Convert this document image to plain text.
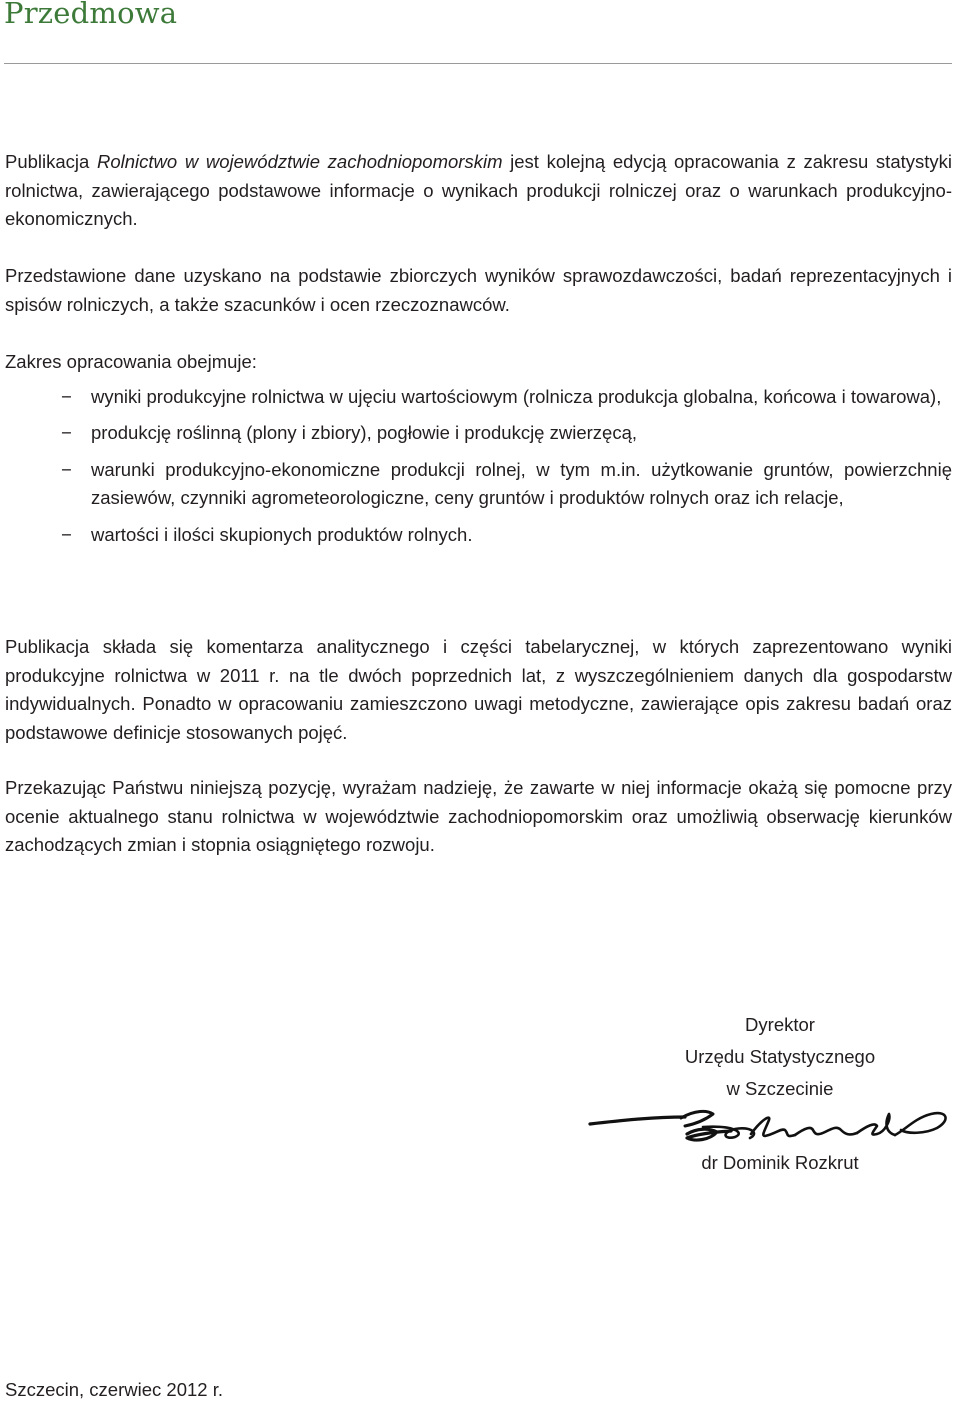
Przedmowa

Publikacja Rolnictwo w województwie zachodniopomorskim jest kolejną edycją opracowania z zakresu statystyki rolnictwa, zawierającego podstawowe informacje o wynikach produkcji rolniczej oraz o warunkach produkcyjno-ekonomicznych.

Przedstawione dane uzyskano na podstawie zbiorczych wyników sprawozdawczości, badań reprezentacyjnych i spisów rolniczych, a także szacunków i ocen rzeczoznawców.

Zakres opracowania obejmuje:
− wyniki produkcyjne rolnictwa w ujęciu wartościowym (rolnicza produkcja globalna, końcowa i towarowa),
− produkcję roślinną (plony i zbiory), pogłowie i produkcję zwierzęcą,
− warunki produkcyjno-ekonomiczne produkcji rolnej, w tym m.in. użytkowanie gruntów, powierzchnię zasiewów, czynniki agrometeorologiczne, ceny gruntów i produktów rolnych oraz ich relacje,
− wartości i ilości skupionych produktów rolnych.

Publikacja składa się komentarza analitycznego i części tabelarycznej, w których zaprezentowano wyniki produkcyjne rolnictwa w 2011 r. na tle dwóch poprzednich lat, z wyszczególnieniem danych dla gospodarstw indywidualnych. Ponadto w opracowaniu zamieszczono uwagi metodyczne, zawierające opis zakresu badań oraz podstawowe definicje stosowanych pojęć.

Przekazując Państwu niniejszą pozycję, wyrażam nadzieję, że zawarte w niej informacje okażą się pomocne przy ocenie aktualnego stanu rolnictwa w województwie zachodniopomorskim oraz umożliwią obserwację kierunków zachodzących zmian i stopnia osiągniętego rozwoju.

Dyrektor
Urzędu Statystycznego
w Szczecinie
dr Dominik Rozkrut
Szczecin, czerwiec 2012 r.
